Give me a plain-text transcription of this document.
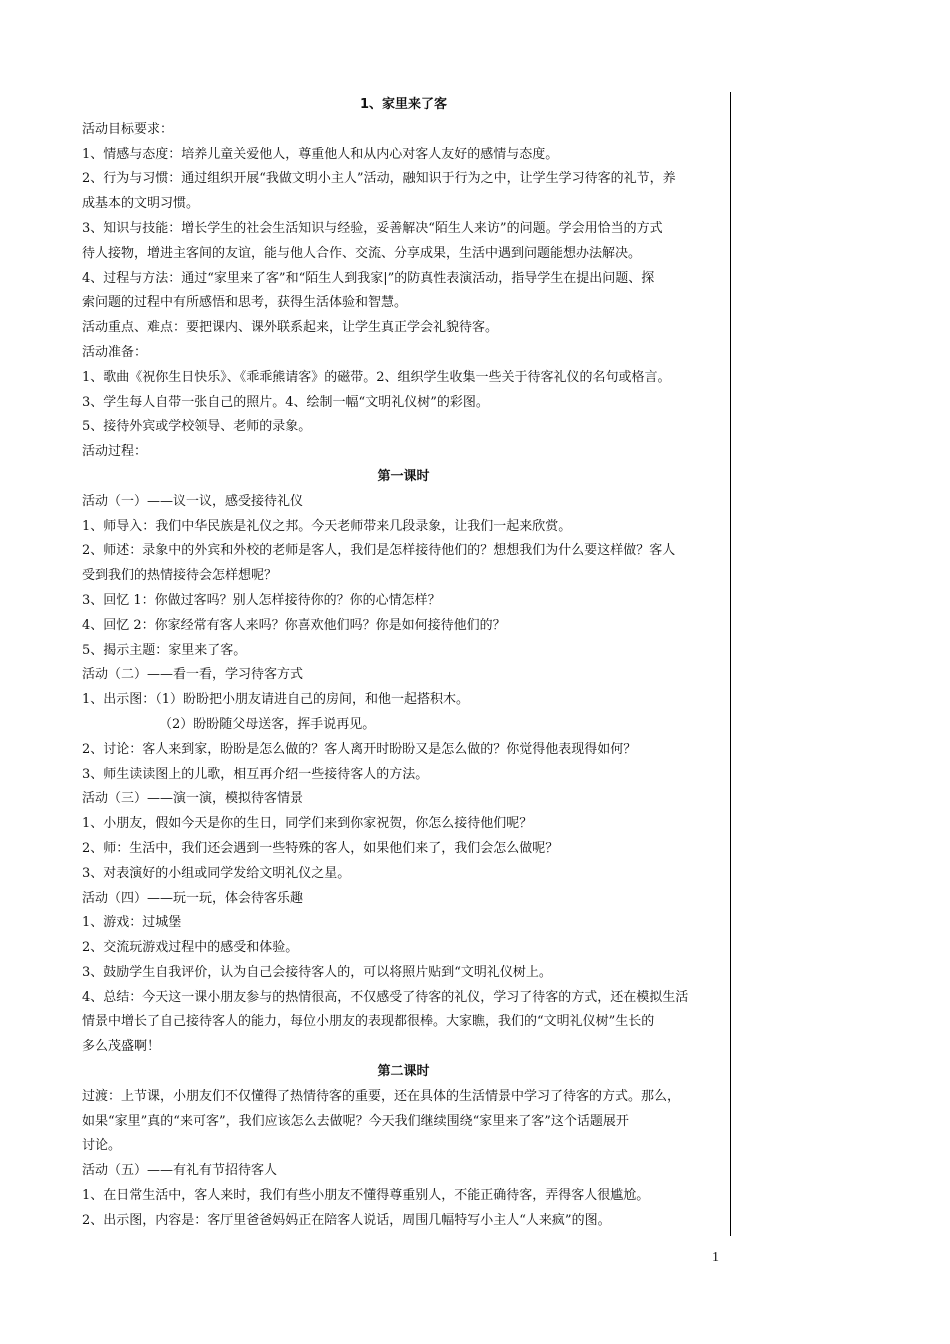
1、家里来了客

活动目标要求：

1、情感与态度：培养儿童关爱他人，尊重他人和从内心对客人友好的感情与态度。

2、行为与习惯：通过组织开展“我做文明小主人”活动，融知识于行为之中，让学生学习待客的礼节，养

成基本的文明习惯。

3、知识与技能：增长学生的社会生活知识与经验，妥善解决“陌生人来访”的问题。学会用恰当的方式

待人接物，增进主客间的友谊，能与他人合作、交流、分享成果，生活中遇到问题能想办法解决。

4、过程与方法：通过“家里来了客”和“陌生人到我家|”的防真性表演活动，指导学生在提出问题、探

索问题的过程中有所感悟和思考，获得生活体验和智慧。

活动重点、难点：要把课内、课外联系起来，让学生真正学会礼貌待客。

活动准备：

1、歌曲《祝你生日快乐》、《乖乖熊请客》的磁带。2、组织学生收集一些关于待客礼仪的名句或格言。

3、学生每人自带一张自己的照片。4、绘制一幅“文明礼仪树”的彩图。

5、接待外宾或学校领导、老师的录象。

活动过程：

第一课时

活动（一）——议一议，感受接待礼仪

1、师导入：我们中华民族是礼仪之邦。今天老师带来几段录象，让我们一起来欣赏。

2、师述：录象中的外宾和外校的老师是客人，我们是怎样接待他们的？想想我们为什么要这样做？客人

受到我们的热情接待会怎样想呢？

3、回忆 1：你做过客吗？别人怎样接待你的？你的心情怎样？

4、回忆 2：你家经常有客人来吗？你喜欢他们吗？你是如何接待他们的？

5、揭示主题：家里来了客。

活动（二）——看一看，学习待客方式

1、出示图：（1）盼盼把小朋友请进自己的房间，和他一起搭积木。

（2）盼盼随父母送客，挥手说再见。

2、讨论：客人来到家，盼盼是怎么做的？客人离开时盼盼又是怎么做的？你觉得他表现得如何？

3、师生读读图上的儿歌，相互再介绍一些接待客人的方法。

活动（三）——演一演，模拟待客情景

1、小朋友，假如今天是你的生日，同学们来到你家祝贺，你怎么接待他们呢？

2、师：生活中，我们还会遇到一些特殊的客人，如果他们来了，我们会怎么做呢？

3、对表演好的小组或同学发给文明礼仪之星。

活动（四）——玩一玩，体会待客乐趣

1、游戏：过城堡

2、交流玩游戏过程中的感受和体验。

3、鼓励学生自我评价，认为自己会接待客人的，可以将照片贴到“文明礼仪树上。

4、总结：今天这一课小朋友参与的热情很高，不仅感受了待客的礼仪，学习了待客的方式，还在模拟生活

情景中增长了自己接待客人的能力，每位小朋友的表现都很棒。大家瞧，我们的“文明礼仪树”生长的

多么茂盛啊！

第二课时

过渡：上节课，小朋友们不仅懂得了热情待客的重要，还在具体的生活情景中学习了待客的方式。那么，

如果“家里”真的“来可客”，我们应该怎么去做呢？今天我们继续围绕“家里来了客”这个话题展开

讨论。

活动（五）——有礼有节招待客人

1、在日常生活中，客人来时，我们有些小朋友不懂得尊重别人，不能正确待客，弄得客人很尴尬。

2、出示图，内容是：客厅里爸爸妈妈正在陪客人说话，周围几幅特写小主人“人来疯”的图。

1
